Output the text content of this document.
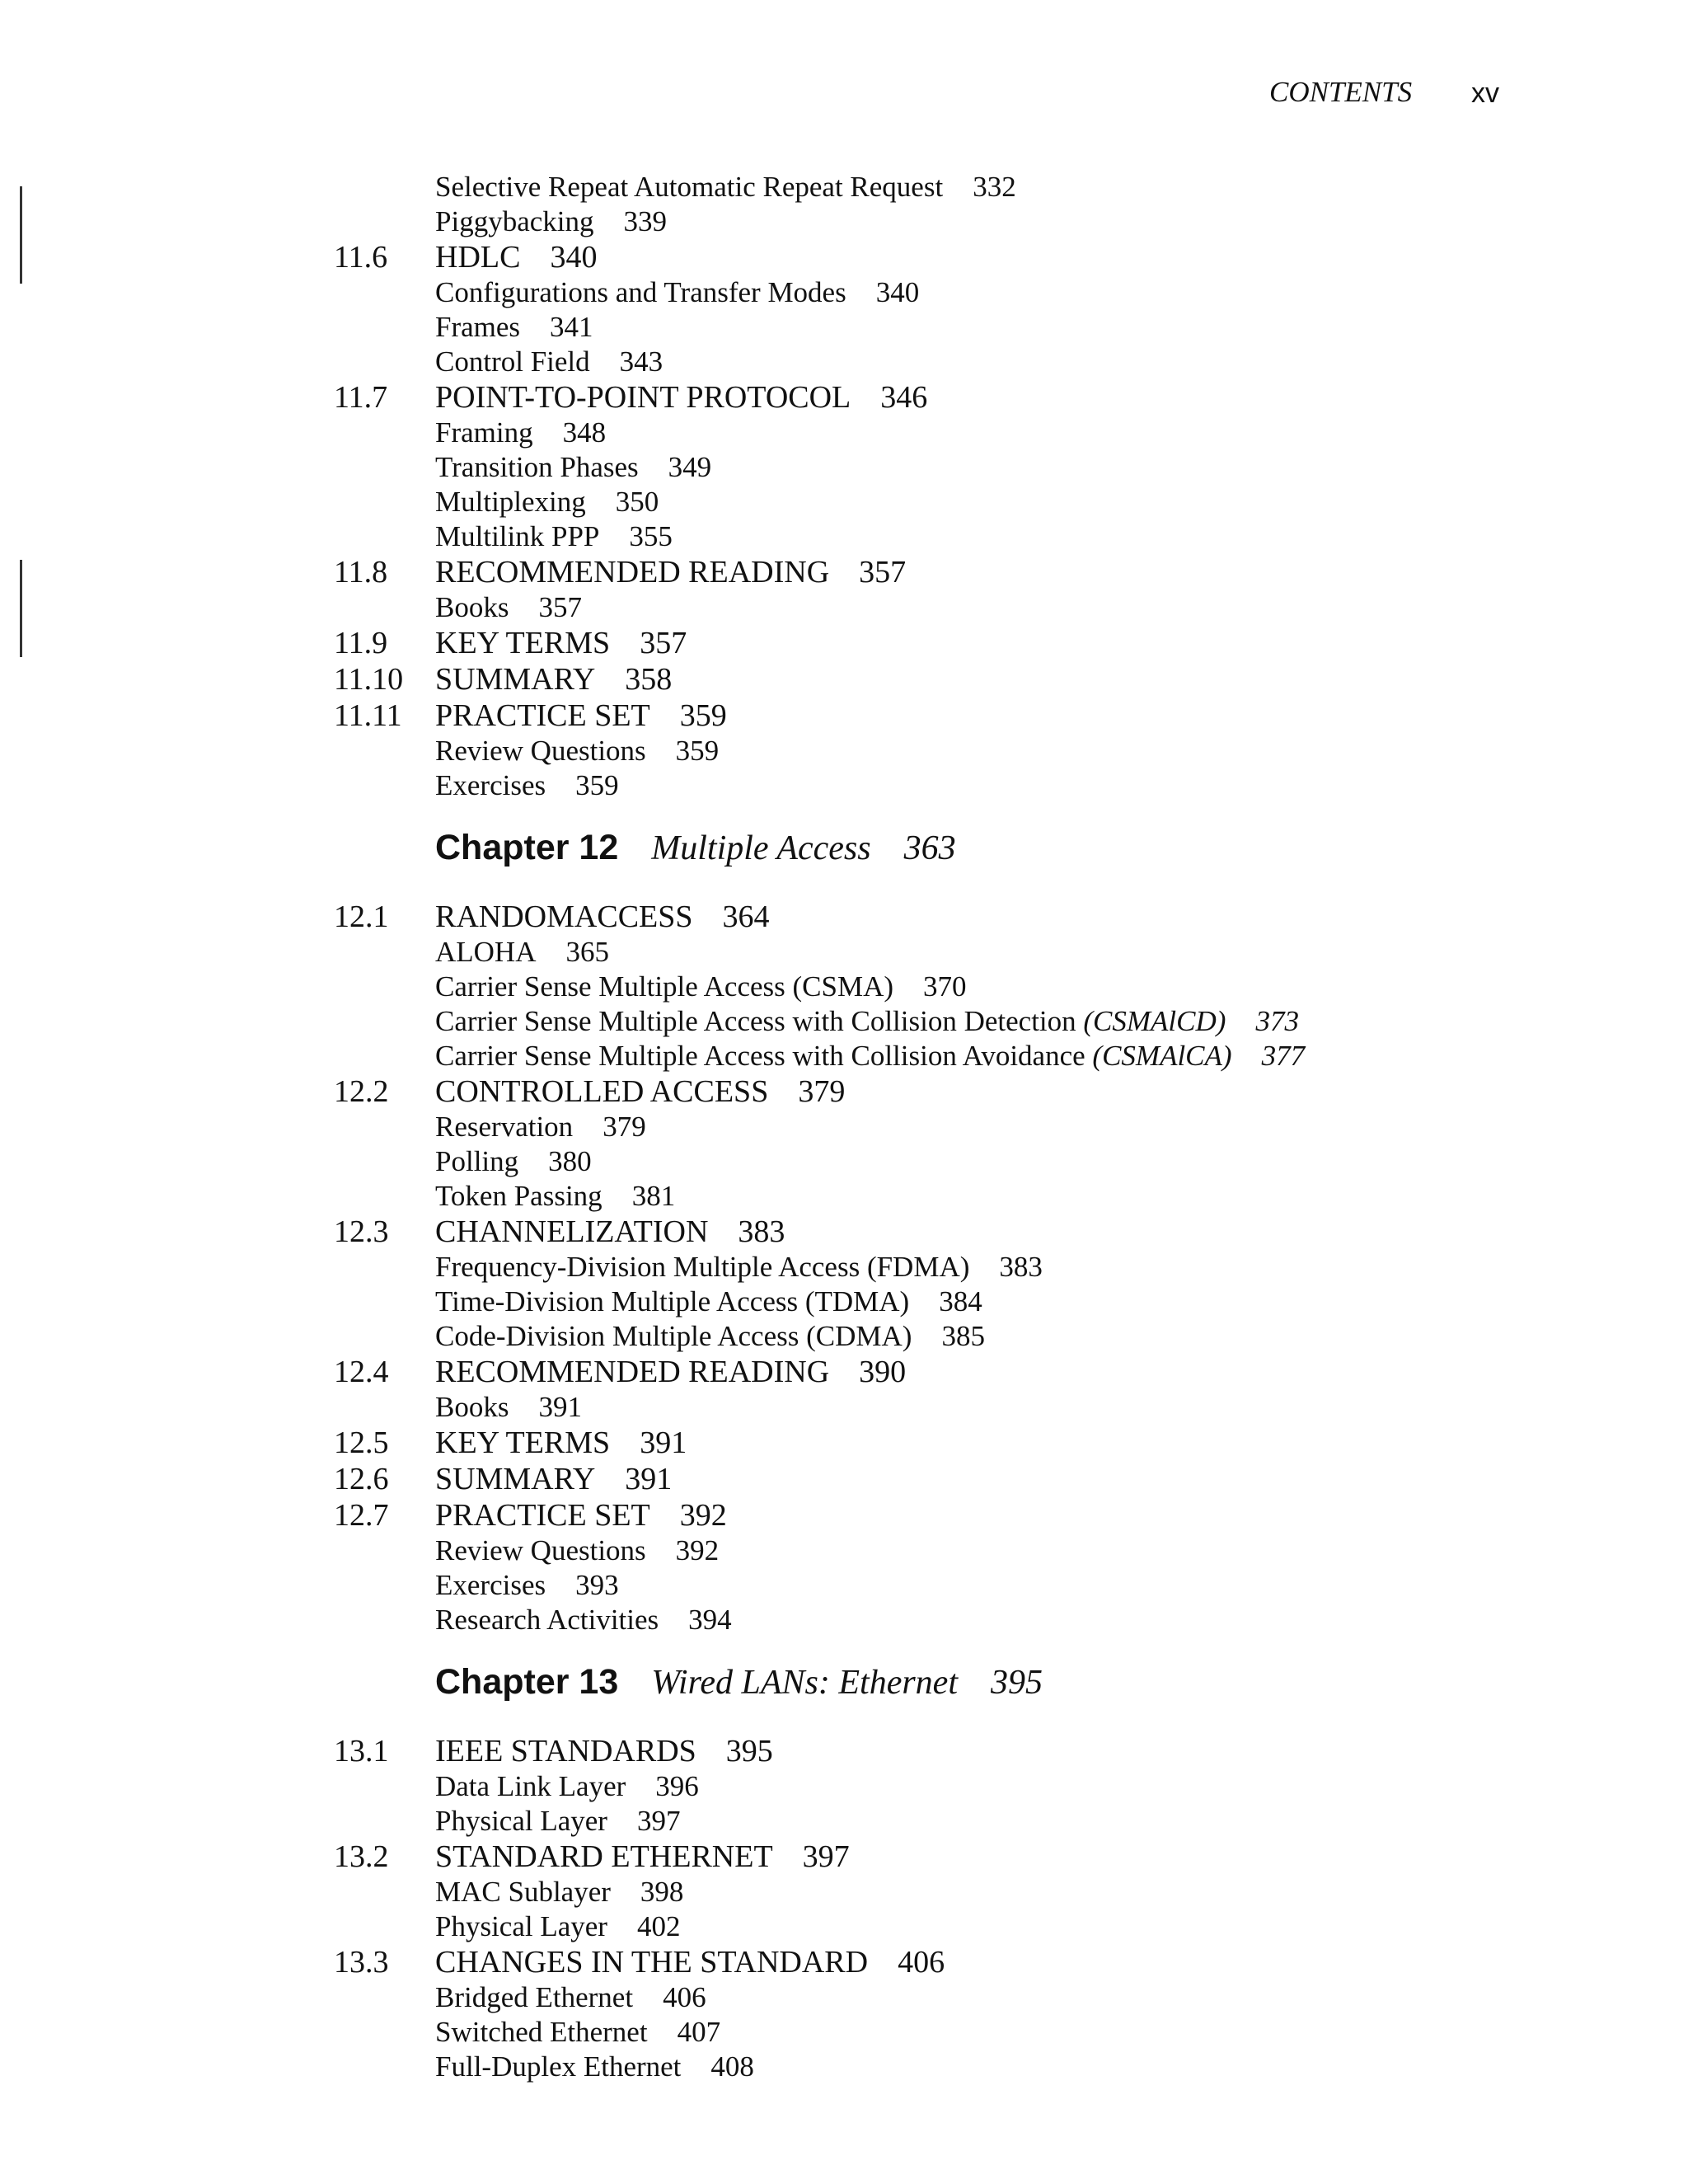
CONTENTS xv
Selective Repeat Automatic Repeat Request 332
Piggybacking 339
11.6 HDLC 340
Configurations and Transfer Modes 340
Frames 341
Control Field 343
11.7 POINT-TO-POINT PROTOCOL 346
Framing 348
Transition Phases 349
Multiplexing 350
Multilink PPP 355
11.8 RECOMMENDED READING 357
Books 357
11.9 KEY TERMS 357
11.10 SUMMARY 358
11.11 PRACTICE SET 359
Review Questions 359
Exercises 359
Chapter 12 Multiple Access 363
12.1 RANDOMACCESS 364
ALOHA 365
Carrier Sense Multiple Access (CSMA) 370
Carrier Sense Multiple Access with Collision Detection (CSMAlCD) 373
Carrier Sense Multiple Access with Collision Avoidance (CSMAlCA) 377
12.2 CONTROLLED ACCESS 379
Reservation 379
Polling 380
Token Passing 381
12.3 CHANNELIZATION 383
Frequency-Division Multiple Access (FDMA) 383
Time-Division Multiple Access (TDMA) 384
Code-Division Multiple Access (CDMA) 385
12.4 RECOMMENDED READING 390
Books 391
12.5 KEY TERMS 391
12.6 SUMMARY 391
12.7 PRACTICE SET 392
Review Questions 392
Exercises 393
Research Activities 394
Chapter 13 Wired LANs: Ethernet 395
13.1 IEEE STANDARDS 395
Data Link Layer 396
Physical Layer 397
13.2 STANDARD ETHERNET 397
MAC Sublayer 398
Physical Layer 402
13.3 CHANGES IN THE STANDARD 406
Bridged Ethernet 406
Switched Ethernet 407
Full-Duplex Ethernet 408
